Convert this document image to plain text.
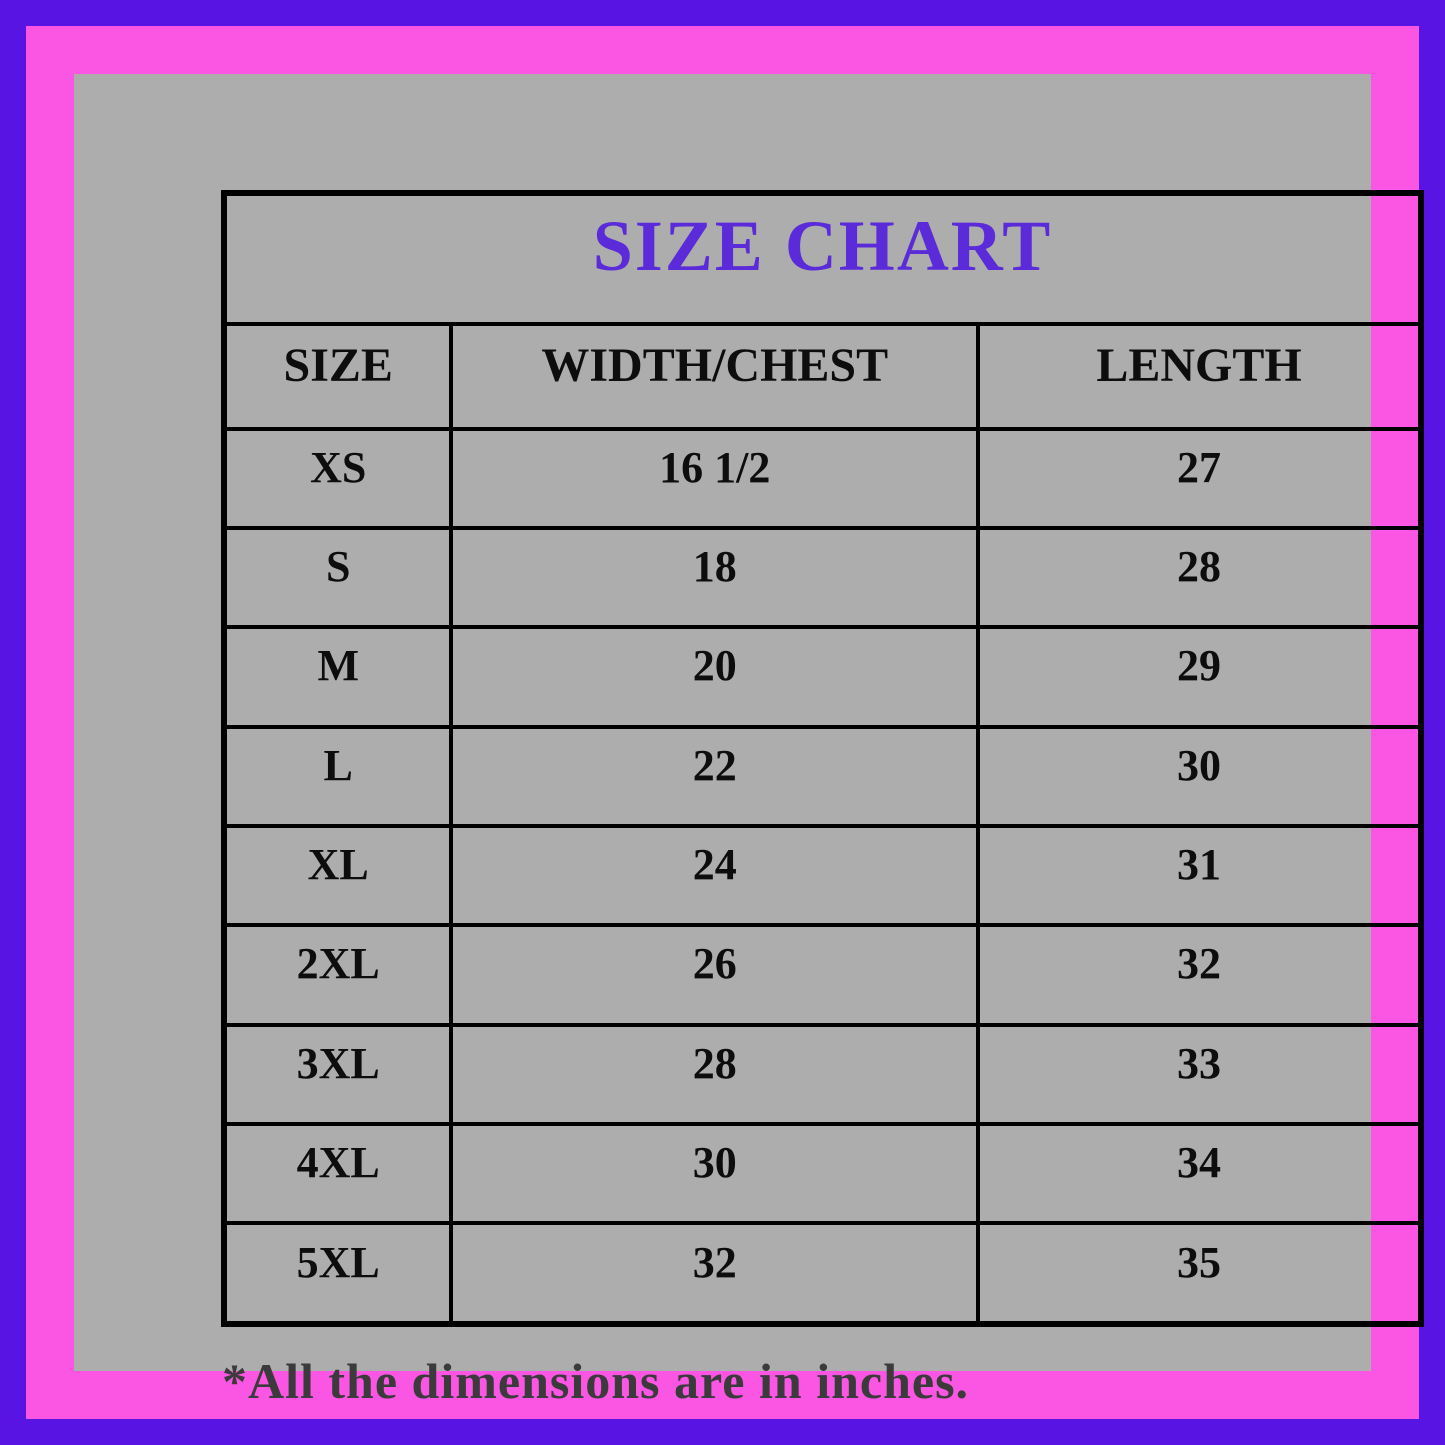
SIZE CHART		
SIZE	WIDTH/CHEST	LENGTH
XS	16 1/2	27
S	18	28
M	20	29
L	22	30
XL	24	31
2XL	26	32
3XL	28	33
4XL	30	34
5XL	32	35
*All the dimensions are in inches.
